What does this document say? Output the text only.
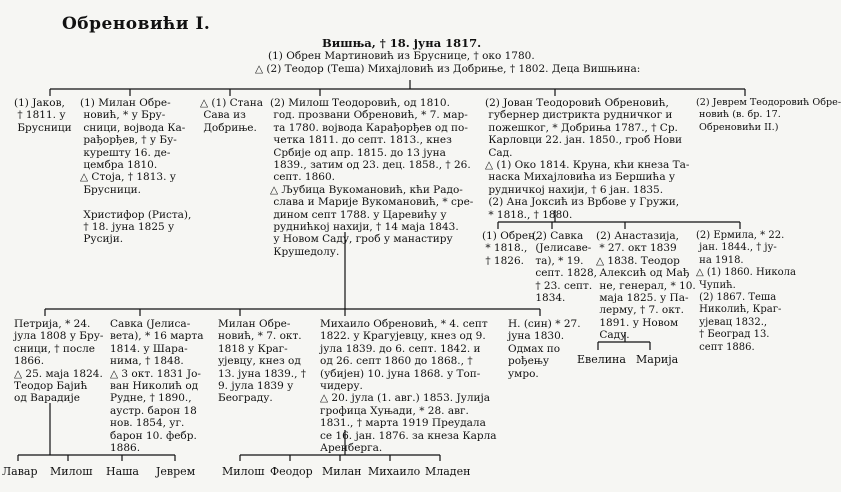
Обреновићи I.
Вишња, † 18. јуна 1817.
(1) Обрен Мартиновић из Бруснице, † око 1780.
△ (2) Теодор (Теша) Михајловић из Добриње, † 1802. Деца Вишњина:
(1) Јаков,
† 1811. у
Брусници
(1) Милан Обре-
новић, * у Бру-
сници, војвода Ка-
рађорђев, † у Бу-
курешту 16. де-
цембра 1810.
△ Стоја, † 1813. у
Брусници.

Христифор (Риста),
† 18. јуна 1825 у
Русији.
△ (1) Стана
Сава из
Добриње.
(2) Милош Теодоровић, од 1810.
год. прозвани Обреновић, * 7. мар-
та 1780. војвода Карађорђев од по-
четка 1811. до септ. 1813., кнез
Србије од апр. 1815. до 13 јуна
1839., затим од 23. дец. 1858., † 26.
септ. 1860.
△ Љубица Вукомановић, кћи Радо-
слава и Марије Вукомановић, * сре-
дином септ 1788. у Царевићу у
руднићкој нахији, † 14 маја 1843.
у Новом Саду, гроб у манастиру
Крушедолу.
(2) Јован Теодоровић Обреновић,
губернер дистрикта рудничког и
пожешког, * Добриња 1787., † Ср.
Карловци 22. јан. 1850., гроб Нови
Сад.
△ (1) Око 1814. Круна, кћи кнеза Та-
наска Михајловића из Бершића у
рудничкој нахији, † 6 јан. 1835.
(2) Ана Јоксић из Врбове у Гружи,
* 1818., † 1880.
(2) Јеврем Теодоровић Обре-
новић (в. бр. 17.
Обреновићи II.)
(1) Обрен,
* 1818.,
† 1826.
(2) Савка
(Јелисаве-
та), * 19.
септ. 1828,
† 23. септ.
1834.
(2) Анастазија,
* 27. окт 1839
△ 1838. Теодор
Алексић од Мађ
не, генерал, * 10.
маја 1825. у Па-
лерму, † 7. окт.
1891. у Новом
Саду.
(2) Ермила, * 22.
јан. 1844., † ју-
на 1918.
△ (1) 1860. Никола
Чупић.
(2) 1867. Теша
Николић, Краг-
ујевац 1832.,
† Београд 13.
септ 1886.
Евелина Марија
Петрија, * 24.
јула 1808 у Бру-
сници, † после
1866.
△ 25. маја 1824.
Теодор Бајић
од Варадије
Савка (Јелиса-
вета), * 16 марта
1814. у Шара-
нима, † 1848.
△ 3 окт. 1831 Јо-
ван Николић од
Рудне, † 1890.,
аустр. барон 18
нов. 1854, уг.
барон 10. фебр.
1886.
Милан Обре-
новић, * 7. окт.
1818 у Краг-
ујевцу, кнез од
13. јуна 1839., †
9. јула 1839 у
Београду.
Михаило Обреновић, * 4. септ
1822. у Крагујевцу, кнез од 9.
јула 1839. до 6. септ. 1842. и
од 26. септ 1860 до 1868., †
(убијен) 10. јуна 1868. у Топ-
чидеру.
△ 20. јула (1. авг.) 1853. Јулија
грофица Хуњади, * 28. авг.
1831., † марта 1919 Преудала
се 16. јан. 1876. за кнеза Карла
Аренберга.
Н. (син) * 27.
јуна 1830.
Одмах по
рођењу
умро.
Лавар Милош Наша Јеврем Милош Феодор Милан Михаило Младен
